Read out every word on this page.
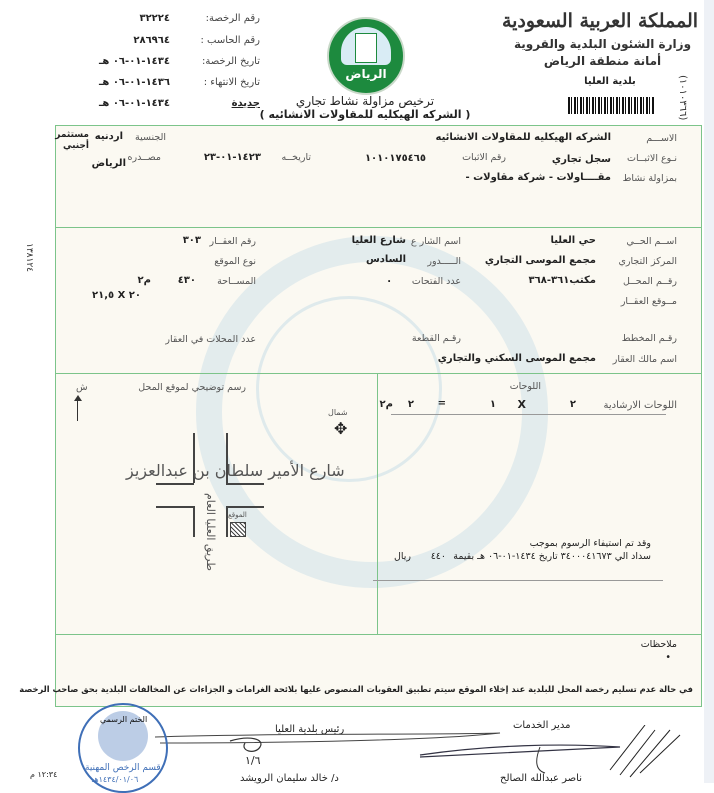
المملكة العربية السعودية
وزارة الشئون البلدية والقروية
أمانة منطقة الرياض
بلدية العليا	(١٠١٠٣٦٦)
١٣٨١٢٤
الرياض
ترخيص مزاولة نشاط تجاري
( الشركه الهيكليه للمقاولات الانشائيه )
رقم الرخصة:
٣٢٢٢٤
رقم الحاسب :
٢٨٦٩٦٤
تاريخ الرخصة:
١٤٣٤-٠١-٠٦ هـ
تاريخ الانتهاء :
١٤٣٦-٠١-٠٦ هـ
جديدة
١٤٣٤-٠١-٠٦ هـ
الاســـم
الشركه الهيكليه للمقاولات الانشائيه
نـوع الاثبــات
سجل تجاري
رقم الاثبات
١٠١٠١٧٥٤٦٥
بمزاولة نشاط
مقــــاولات - شركة مقاولات -
تاريخــه
١٤٢٣-٠١-٢٣
مصــدره
الرياض
الجنسية
اردنيه
مستثمر أجنبي
اســم الحــي
حي العليا
المركز التجاري
مجمع الموسى التجاري
رقــم المحــل
مكتب٣٦١-٣٦٨
مــوقع العقــار
اسم الشار ع
شارع العليا
الـــــدور
السادس
عدد الفتحات
.
رقم العقــار
٣٠٣
نوع الموقع
المســاحة
٤٣٠
م٢
٢٠ X ٢١,٥
عدد المحلات في العقار	رقـم المخطط
رقـم القطعة
اسم مالك العقار
مجمع الموسى السكني والتجاري
اللوحات
اللوحات الارشادية
٢
X
١
=
٢
م٢
وقد تم استيفاء الرسوم بموجب
سداد الي ٣٤٠٠٠٤١٦٧٣ تاريخ ١٤٣٤-٠١-٠٦ هـ بقيمة
٤٤٠
ريال
رسم توضيحي لموقع المحل
ش
شمال
✥
شارع الأمير سلطان بن عبدالعزيز
طريق العليا العام الموقع
ملاحظات
•
في حالة عدم تسليم رخصة المحل للبلدية عند إخلاء الموقع سيتم تطبيق العقوبات المنصوص عليها بلائحة الغرامات و الجزاءات عن المخالفات البلدية بحق صاحب الرخصة
مدير الخدمات
ناصر عبدالله الصالح
رئيس بلدية العليا
د/ خالد سليمان الرويشد
١/٦
١٢:٣٤ م
الختم الرسمي
قسم الرخص المهنية
١٤٣٤/٠١/٠٦هـ
